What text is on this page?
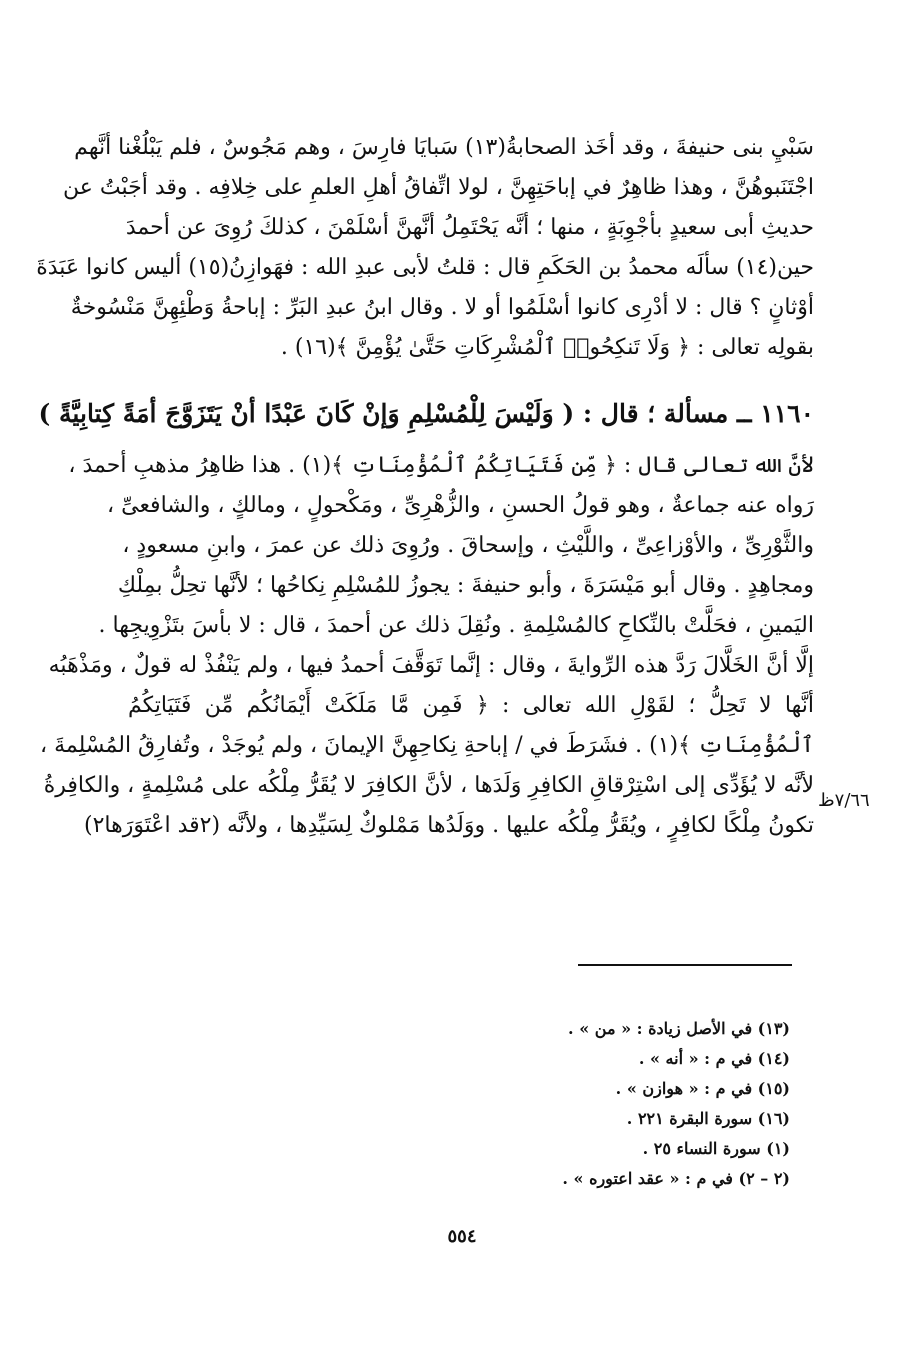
سَبْيِ بنى حنيفةَ ، وقد أخَذ الصحابةُ(١٣) سَبايَا فارِسَ ، وهم مَجُوسٌ ، فلم يَبْلُغْنا أنَّهم
اجْتَنَبوهُنَّ ، وهذا ظاهِرٌ في إباحَتِهِنَّ ، لولا اتِّفاقُ أهلِ العلمِ على خِلافِه . وقد أجَبْتُ عن
حديثِ أبى سعيدٍ بأجْوِبَةٍ ، منها ؛ أنَّه يَحْتَمِلُ أنَّهنَّ أسْلَمْنَ ، كذلكَ رُوِىَ عن أحمدَ
حين(١٤) سألَه محمدُ بن الحَكَمِ قال : قلتُ لأبى عبدِ الله : فهَوازِنُ(١٥) أليس كانوا عَبَدَةَ
أوْثانٍ ؟ قال : لا أدْرِى كانوا أسْلَمُوا أو لا . وقال ابنُ عبدِ البَرِّ : إباحةُ وَطْئِهِنَّ مَنْسُوخةٌ
بقولِه تعالى : ﴿ وَلَا تَنكِحُوا۟ ٱلْمُشْرِكَاتِ حَتَّىٰ يُؤْمِنَّ ﴾(١٦) .
١١٦٠ ــ مسألة ؛ قال : ( وَلَيْسَ لِلْمُسْلِمِ وَإنْ كَانَ عَبْدًا أنْ يَتَزَوَّجَ أمَةً كِتابِيَّةً )
لأنَّ الله تعالى قال : ﴿ مِّن فَتَيَاتِكُمُ ٱلْمُؤْمِنَاتِ ﴾(١) . هذا ظاهِرُ مذهبِ أحمدَ ،
رَواه عنه جماعةٌ ، وهو قولُ الحسنِ ، والزُّهْرِىِّ ، ومَكْحولٍ ، ومالكٍ ، والشافعىِّ ،
والثَّوْرِىِّ ، والأوْزاعِىِّ ، واللَّيْثِ ، وإسحاقَ . ورُوِىَ ذلك عن عمرَ ، وابنِ مسعودٍ ،
ومجاهِدٍ . وقال أبو مَيْسَرَةَ ، وأبو حنيفةَ : يجوزُ للمُسْلِمِ نِكاحُها ؛ لأنَّها تحِلُّ بمِلْكِ
اليَمينِ ، فحَلَّتْ بالنِّكاحِ كالمُسْلِمةِ . ونُقِلَ ذلك عن أحمدَ ، قال : لا بأسَ بتَزْوِيجِها .
إلَّا أنَّ الخَلَّالَ رَدَّ هذه الرِّوايةَ ، وقال : إنَّما تَوَقَّفَ أحمدُ فيها ، ولم يَنْفُذْ له قولٌ ، ومَذْهَبُه
أنَّها لا تَحِلُّ ؛ لقَوْلِ الله تعالى : ﴿ فَمِن مَّا مَلَكَتْ أَيْمَانُكُم مِّن فَتَيَاتِكُمُ
ٱلْمُؤْمِنَاتِ ﴾(١) . فشَرَطَ في / إباحةِ نِكاحِهِنَّ الإيمانَ ، ولم يُوجَدْ ، وتُفارِقُ المُسْلِمةَ ،
لأنَّه لا يُؤَدِّى إلى اسْتِرْقاقِ الكافِرِ وَلَدَها ، لأنَّ الكافِرَ لا يُقَرُّ مِلْكُه على مُسْلِمةٍ ، والكافِرةُ
تكونُ مِلْكًا لكافِرٍ ، ويُقَرُّ مِلْكُه عليها . ووَلَدُها مَمْلوكٌ لِسَيِّدِها ، ولأنَّه (٢قد اعْتَوَرَها٢)
٧/٦٦ظ
(١٣) في الأصل زيادة : « من » .
(١٤) في م : « أنه » .
(١٥) في م : « هوازن » .
(١٦) سورة البقرة ٢٢١ .
(١) سورة النساء ٢٥ .
(٢ – ٢) في م : « عقد اعتوره » .
٥٥٤
